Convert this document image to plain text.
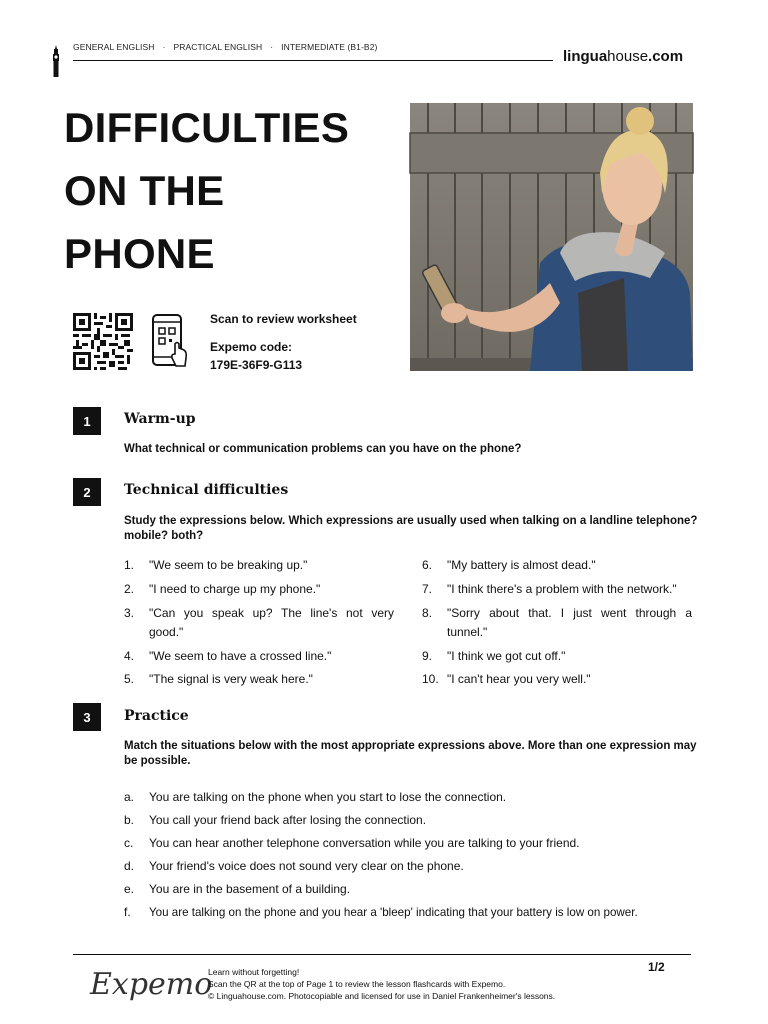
GENERAL ENGLISH · PRACTICAL ENGLISH · INTERMEDIATE (B1-B2)
linguahouse.com
DIFFICULTIES
ON THE
PHONE
Scan to review worksheet
Expemo code:
179E-36F9-G113
1	Warm-up
What technical or communication problems can you have on the phone?
2	Technical difficulties
Study the expressions below. Which expressions are usually used when talking on a landline telephone? mobile? both?
1. "We seem to be breaking up."
2. "I need to charge up my phone."
3. "Can you speak up? The line's not very good."
4. "We seem to have a crossed line."
5. "The signal is very weak here."
6. "My battery is almost dead."
7. "I think there's a problem with the network."
8. "Sorry about that. I just went through a tunnel."
9. "I think we got cut off."
10. "I can't hear you very well."
3	Practice
Match the situations below with the most appropriate expressions above. More than one expression may be possible.
a. You are talking on the phone when you start to lose the connection.
b. You call your friend back after losing the connection.
c. You can hear another telephone conversation while you are talking to your friend.
d. Your friend's voice does not sound very clear on the phone.
e. You are in the basement of a building.
f. You are talking on the phone and you hear a 'bleep' indicating that your battery is low on power.
Expemo
Learn without forgetting!
Scan the QR at the top of Page 1 to review the lesson flashcards with Expemo.
© Linguahouse.com. Photocopiable and licensed for use in Daniel Frankenheimer's lessons.
1/2
